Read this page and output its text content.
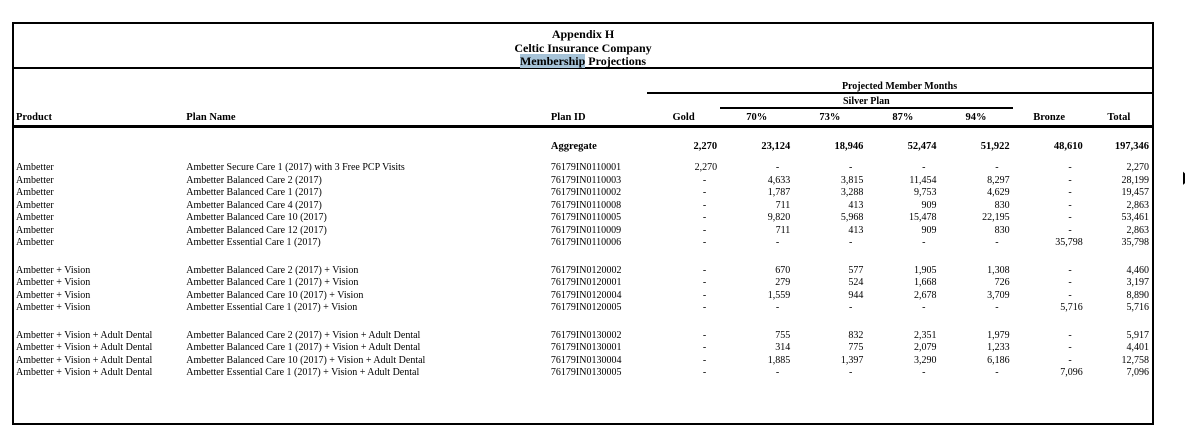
Appendix H
Celtic Insurance Company
Membership Projections
			Projected Member Months						
				Silver Plan					
Product	Plan Name	Plan ID	Gold	70%	73%	87%	94%	Bronze	Total

		Aggregate	2,270	23,124	18,946	52,474	51,922	48,610	197,346

Ambetter	Ambetter Secure Care 1 (2017) with 3 Free PCP Visits	76179IN0110001	2,270	-	-	-	-	-	2,270
Ambetter	Ambetter Balanced Care 2 (2017)	76179IN0110003	-	4,633	3,815	11,454	8,297	-	28,199
Ambetter	Ambetter Balanced Care 1 (2017)	76179IN0110002	-	1,787	3,288	9,753	4,629	-	19,457
Ambetter	Ambetter Balanced Care 4 (2017)	76179IN0110008	-	711	413	909	830	-	2,863
Ambetter	Ambetter Balanced Care 10 (2017)	76179IN0110005	-	9,820	5,968	15,478	22,195	-	53,461
Ambetter	Ambetter Balanced Care 12 (2017)	76179IN0110009	-	711	413	909	830	-	2,863
Ambetter	Ambetter Essential Care 1 (2017)	76179IN0110006	-	-	-	-	-	35,798	35,798

Ambetter + Vision	Ambetter Balanced Care 2 (2017) + Vision	76179IN0120002	-	670	577	1,905	1,308	-	4,460
Ambetter + Vision	Ambetter Balanced Care 1 (2017) + Vision	76179IN0120001	-	279	524	1,668	726	-	3,197
Ambetter + Vision	Ambetter Balanced Care 10 (2017) + Vision	76179IN0120004	-	1,559	944	2,678	3,709	-	8,890
Ambetter + Vision	Ambetter Essential Care 1 (2017) + Vision	76179IN0120005	-	-	-	-	-	5,716	5,716

Ambetter + Vision + Adult Dental	Ambetter Balanced Care 2 (2017) + Vision + Adult Dental	76179IN0130002	-	755	832	2,351	1,979	-	5,917
Ambetter + Vision + Adult Dental	Ambetter Balanced Care 1 (2017) + Vision + Adult Dental	76179IN0130001	-	314	775	2,079	1,233	-	4,401
Ambetter + Vision + Adult Dental	Ambetter Balanced Care 10 (2017) + Vision + Adult Dental	76179IN0130004	-	1,885	1,397	3,290	6,186	-	12,758
Ambetter + Vision + Adult Dental	Ambetter Essential Care 1 (2017) + Vision + Adult Dental	76179IN0130005	-	-	-	-	-	7,096	7,096
